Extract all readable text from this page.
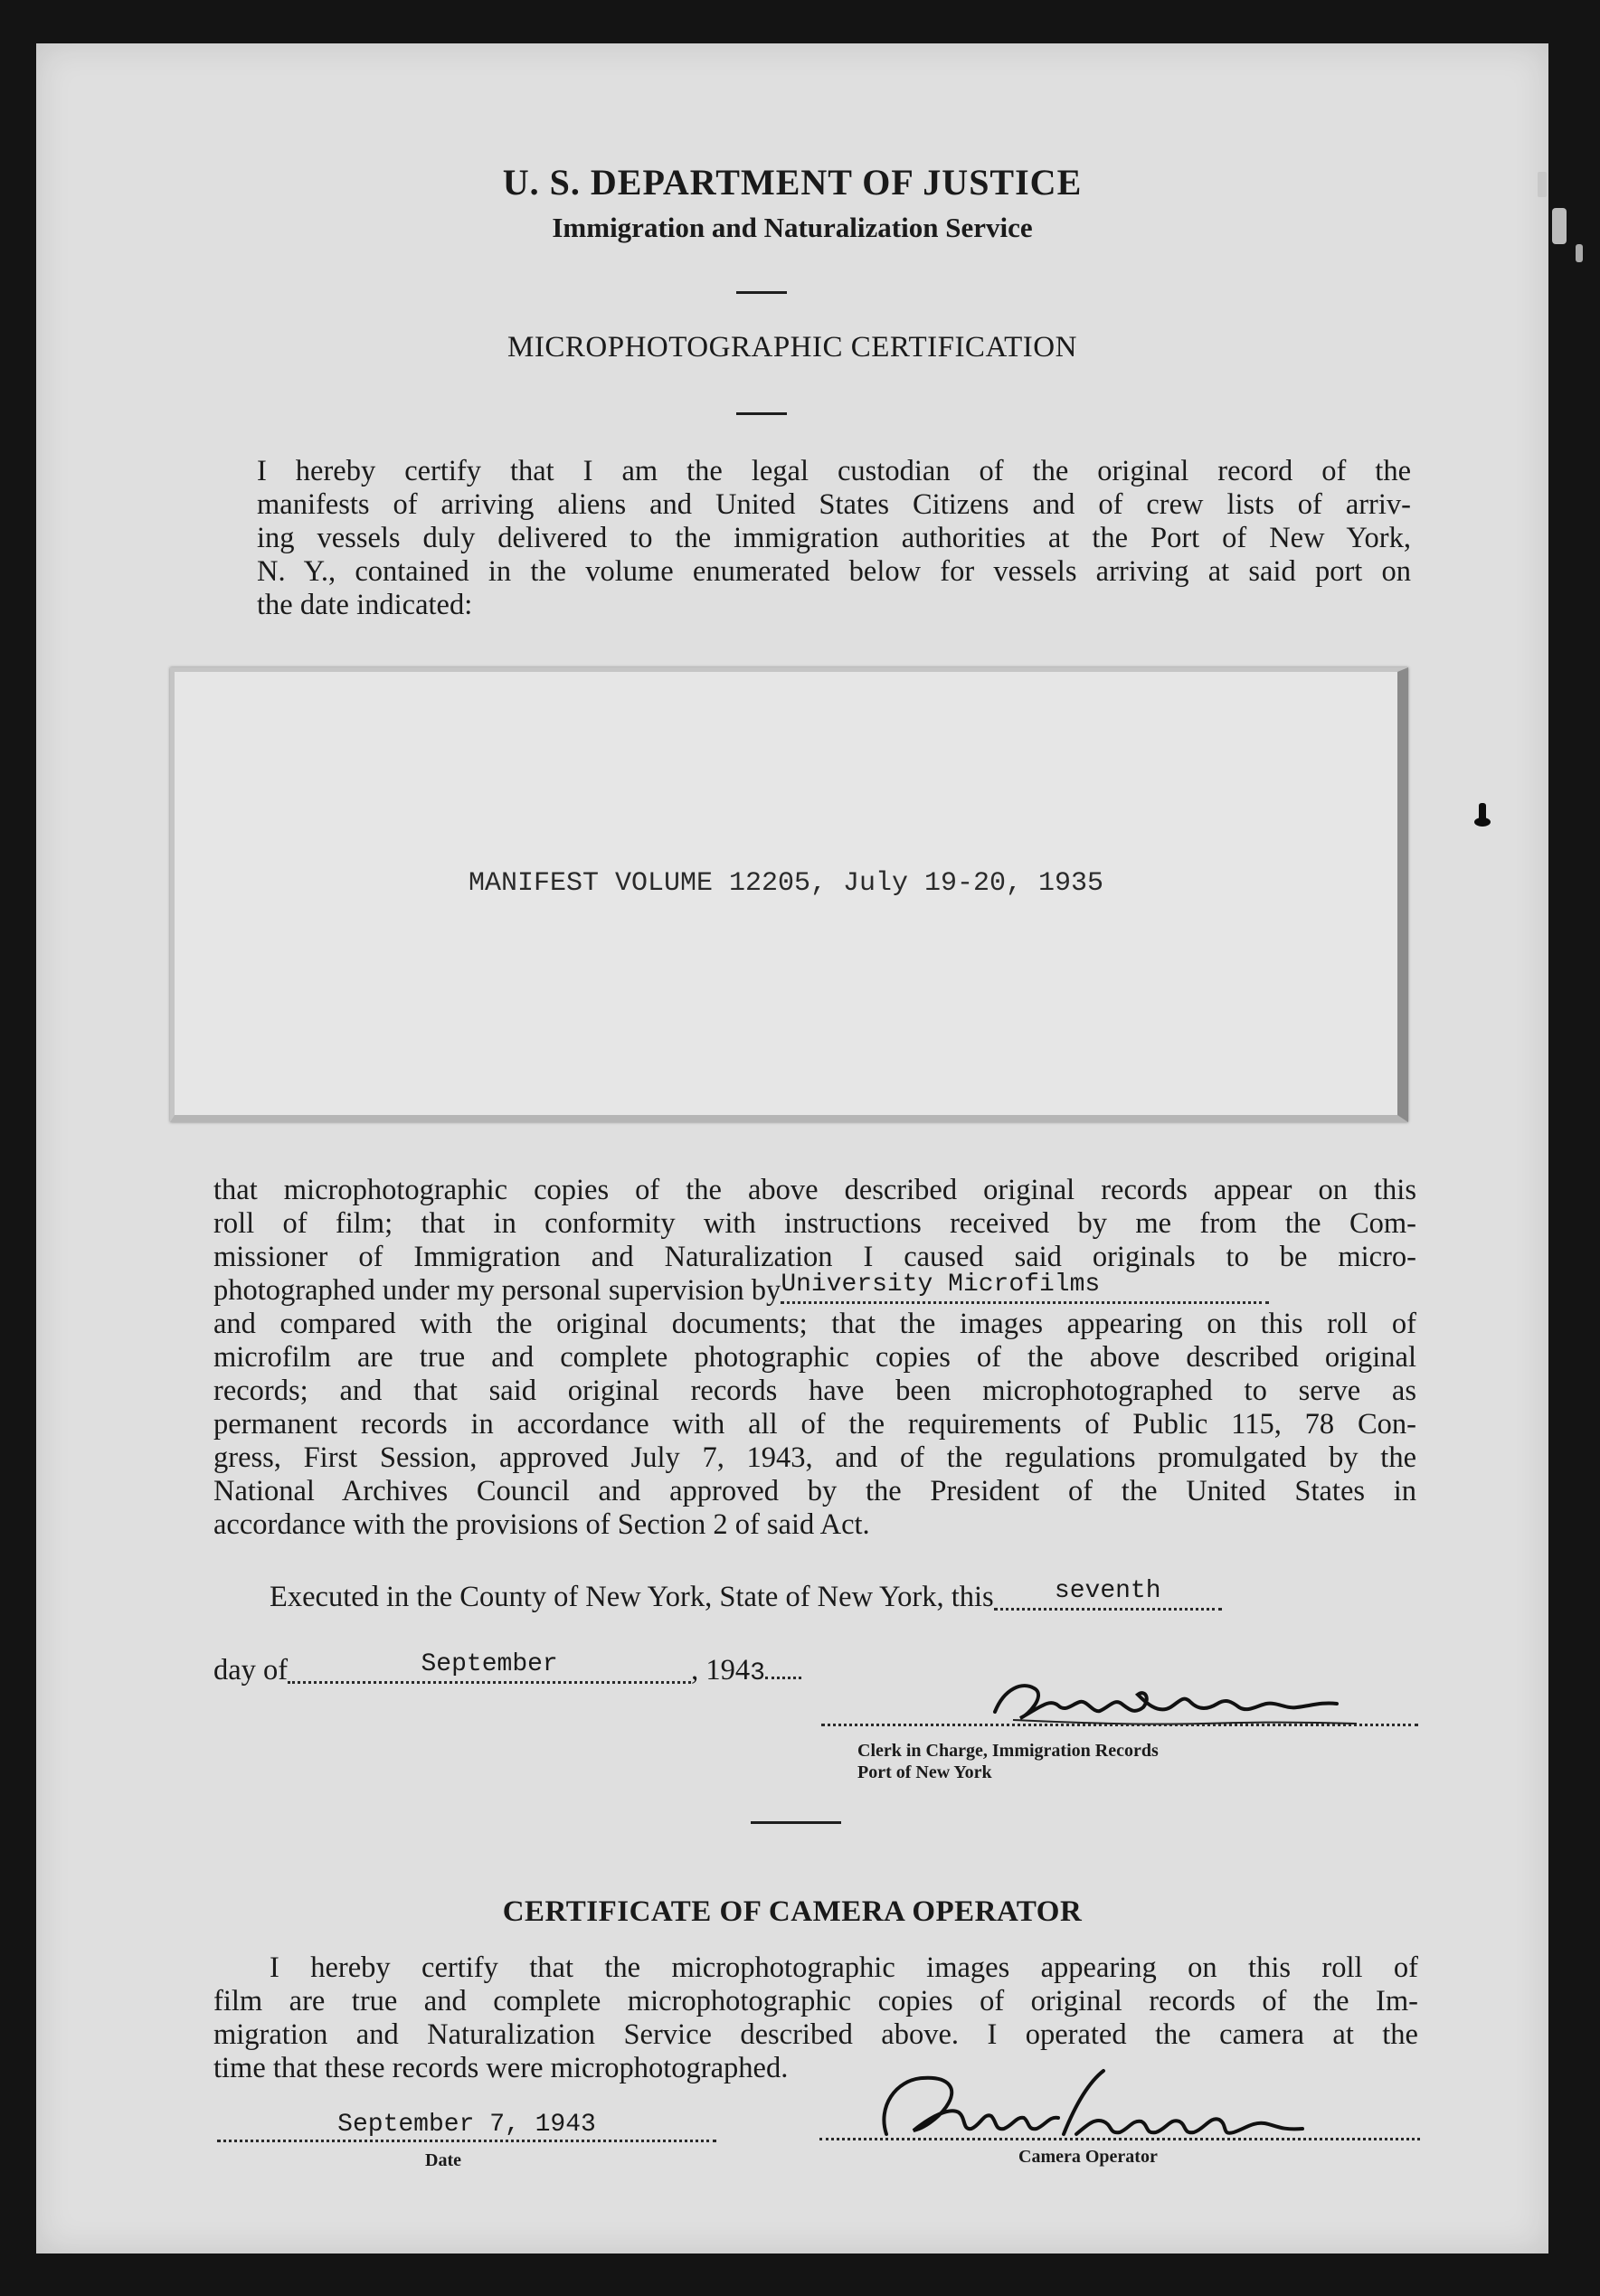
U. S. DEPARTMENT OF JUSTICE
Immigration and Naturalization Service
MICROPHOTOGRAPHIC CERTIFICATION
I hereby certify that I am the legal custodian of the original record of the
manifests of arriving aliens and United States Citizens and of crew lists of arriv-
ing vessels duly delivered to the immigration authorities at the Port of New York,
N. Y., contained in the volume enumerated below for vessels arriving at said port on
the date indicated:
MANIFEST VOLUME 12205, July 19-20, 1935
that microphotographic copies of the above described original records appear on this
roll of film; that in conformity with instructions received by me from the Com-
missioner of Immigration and Naturalization I caused said originals to be micro-
photographed under my personal supervision byUniversity Microfilms
and compared with the original documents; that the images appearing on this roll of
microfilm are true and complete photographic copies of the above described original
records; and that said original records have been microphotographed to serve as
permanent records in accordance with all of the requirements of Public 115, 78 Con-
gress, First Session, approved July 7, 1943, and of the regulations promulgated by the
National Archives Council and approved by the President of the United States in
accordance with the provisions of Section 2 of said Act.
Executed in the County of New York, State of New York, this seventh
day of	September	, 1943
Clerk in Charge, Immigration Records
Port of New York
CERTIFICATE OF CAMERA OPERATOR
I hereby certify that the microphotographic images appearing on this roll of
film are true and complete microphotographic copies of original records of the Im-
migration and Naturalization Service described above. I operated the camera at the
time that these records were microphotographed.
September 7, 1943
Date	Camera Operator
